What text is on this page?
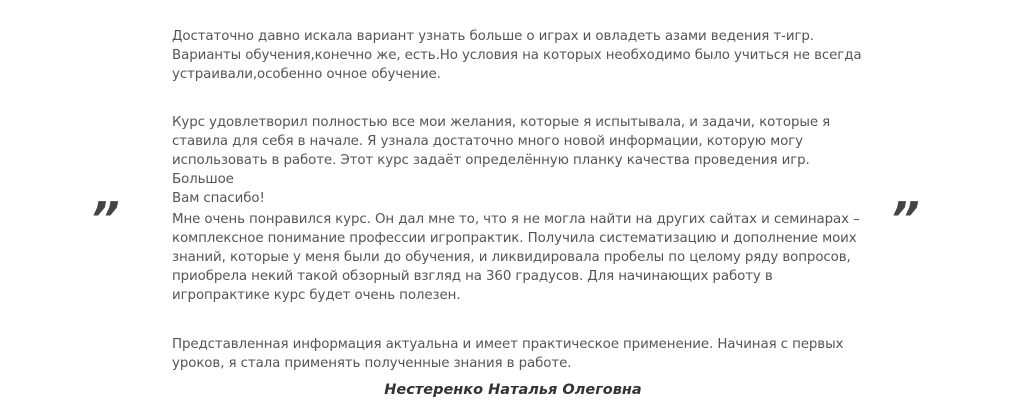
”	”

Достаточно давно искала вариант узнать больше о играх и овладеть азами ведения т-игр.
Варианты обучения,конечно же, есть.Но условия на которых необходимо было учиться не всегда
устраивали,особенно очное обучение.

Курс удовлетворил полностью все мои желания, которые я испытывала, и задачи, которые я
ставила для себя в начале. Я узнала достаточно много новой информации, которую могу
использовать в работе. Этот курс задаёт определённую планку качества проведения игр. Большое
Вам спасибо!

Мне очень понравился курс. Он дал мне то, что я не могла найти на других сайтах и семинарах –
комплексное понимание профессии игропрактик. Получила систематизацию и дополнение моих
знаний, которые у меня были до обучения, и ликвидировала пробелы по целому ряду вопросов,
приобрела некий такой обзорный взгляд на 360 градусов. Для начинающих работу в
игропрактике курс будет очень полезен.

Представленная информация актуальна и имеет практическое применение. Начиная с первых
уроков, я стала применять полученные знания в работе.

Нестеренко Наталья Олеговна
